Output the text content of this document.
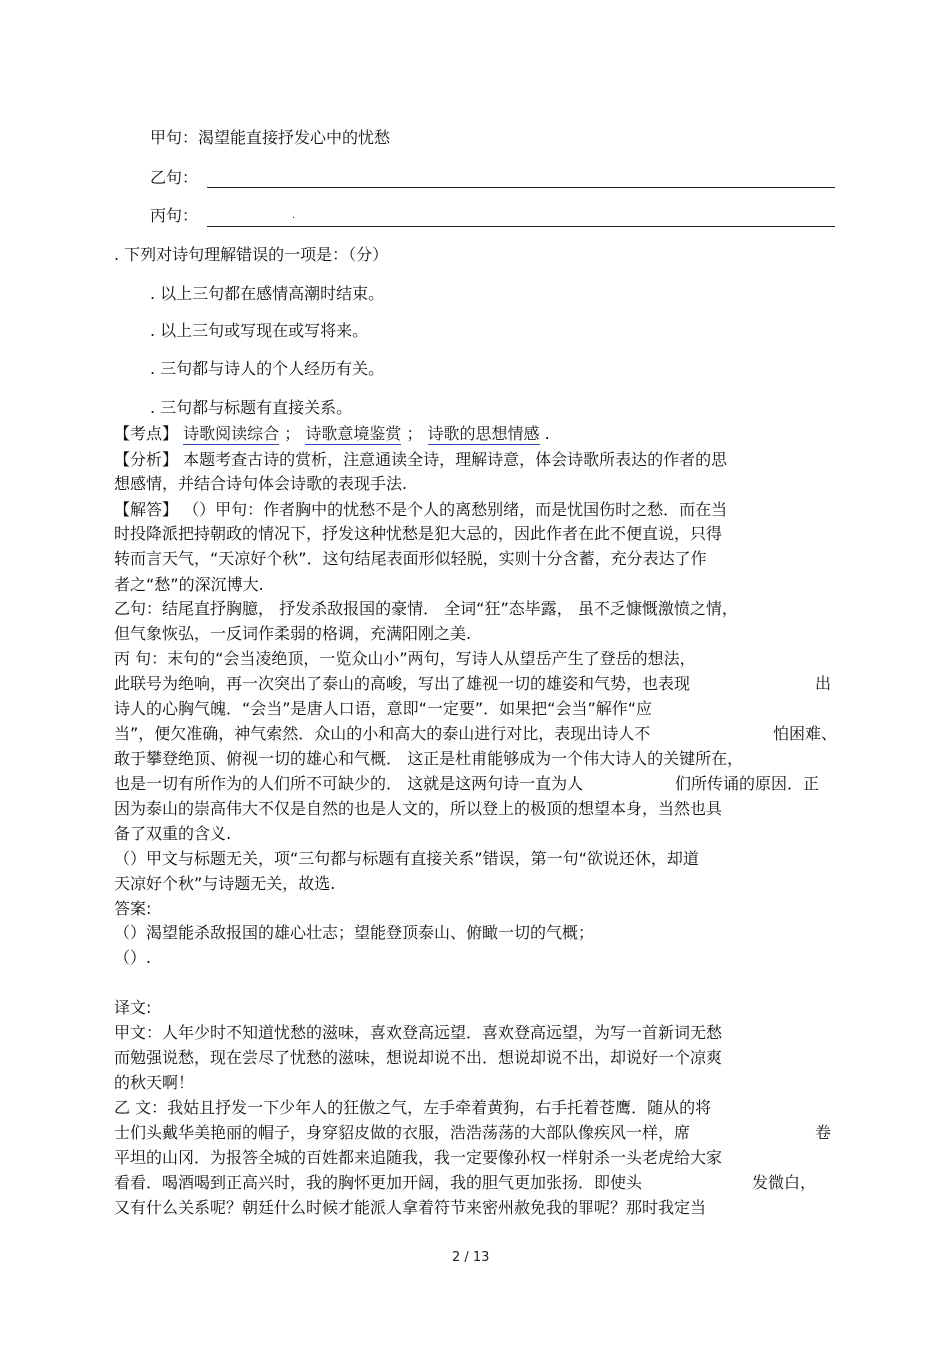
甲句：渴望能直接抒发心中的忧愁
乙句：
丙句：	.
. 下列对诗句理解错误的一项是：（分）
. 以上三句都在感情高潮时结束。
. 以上三句或写现在或写将来。
. 三句都与诗人的个人经历有关。
. 三句都与标题有直接关系。
【考点】 诗歌阅读综合 ； 诗歌意境鉴赏 ； 诗歌的思想情感 .
【分析】 本题考查古诗的赏析，注意通读全诗，理解诗意，体会诗歌所表达的作者的思
想感情，并结合诗句体会诗歌的表现手法.
【解答】 （）甲句：作者胸中的忧愁不是个人的离愁别绪，而是忧国伤时之愁．而在当
时投降派把持朝政的情况下，抒发这种忧愁是犯大忌的，因此作者在此不便直说，只得
转而言天气，“天凉好个秋”．这句结尾表面形似轻脱，实则十分含蓄，充分表达了作
者之“愁”的深沉博大.
乙句：结尾直抒胸臆， 抒发杀敌报国的豪情． 全词“狂”态毕露， 虽不乏慷慨激愤之情，
但气象恢弘，一反词作柔弱的格调，充满阳刚之美.
丙 句：末句的“会当凌绝顶，一览众山小”两句，写诗人从望岳产生了登岳的想法，
此联号为绝响，再一次突出了泰山的高峻，写出了雄视一切的雄姿和气势，也表现	出
诗人的心胸气魄．“会当”是唐人口语，意即“一定要”．如果把“会当”解作“应
当”，便欠准确，神气索然．众山的小和高大的泰山进行对比，表现出诗人不	怕困难、
敢于攀登绝顶、俯视一切的雄心和气概． 这正是杜甫能够成为一个伟大诗人的关键所在，
也是一切有所作为的人们所不可缺少的． 这就是这两句诗一直为人	们所传诵的原因．正
因为泰山的崇高伟大不仅是自然的也是人文的，所以登上的极顶的想望本身，当然也具
备了双重的含义.
（）甲文与标题无关，项“三句都与标题有直接关系”错误，第一句“欲说还休，却道
天凉好个秋”与诗题无关，故选.
答案:
（）渴望能杀敌报国的雄心壮志；望能登顶泰山、俯瞰一切的气概；
（）.
译文:
甲文：人年少时不知道忧愁的滋味，喜欢登高远望．喜欢登高远望，为写一首新词无愁
而勉强说愁，现在尝尽了忧愁的滋味，想说却说不出．想说却说不出，却说好一个凉爽
的秋天啊！
乙 文：我姑且抒发一下少年人的狂傲之气，左手牵着黄狗，右手托着苍鹰．随从的将
士们头戴华美艳丽的帽子，身穿貂皮做的衣服，浩浩荡荡的大部队像疾风一样，席	卷
平坦的山冈．为报答全城的百姓都来追随我，我一定要像孙权一样射杀一头老虎给大家
看看．喝酒喝到正高兴时，我的胸怀更加开阔，我的胆气更加张扬．即使头	发微白，
又有什么关系呢？朝廷什么时候才能派人拿着符节来密州赦免我的罪呢？那时我定当
2 / 13
